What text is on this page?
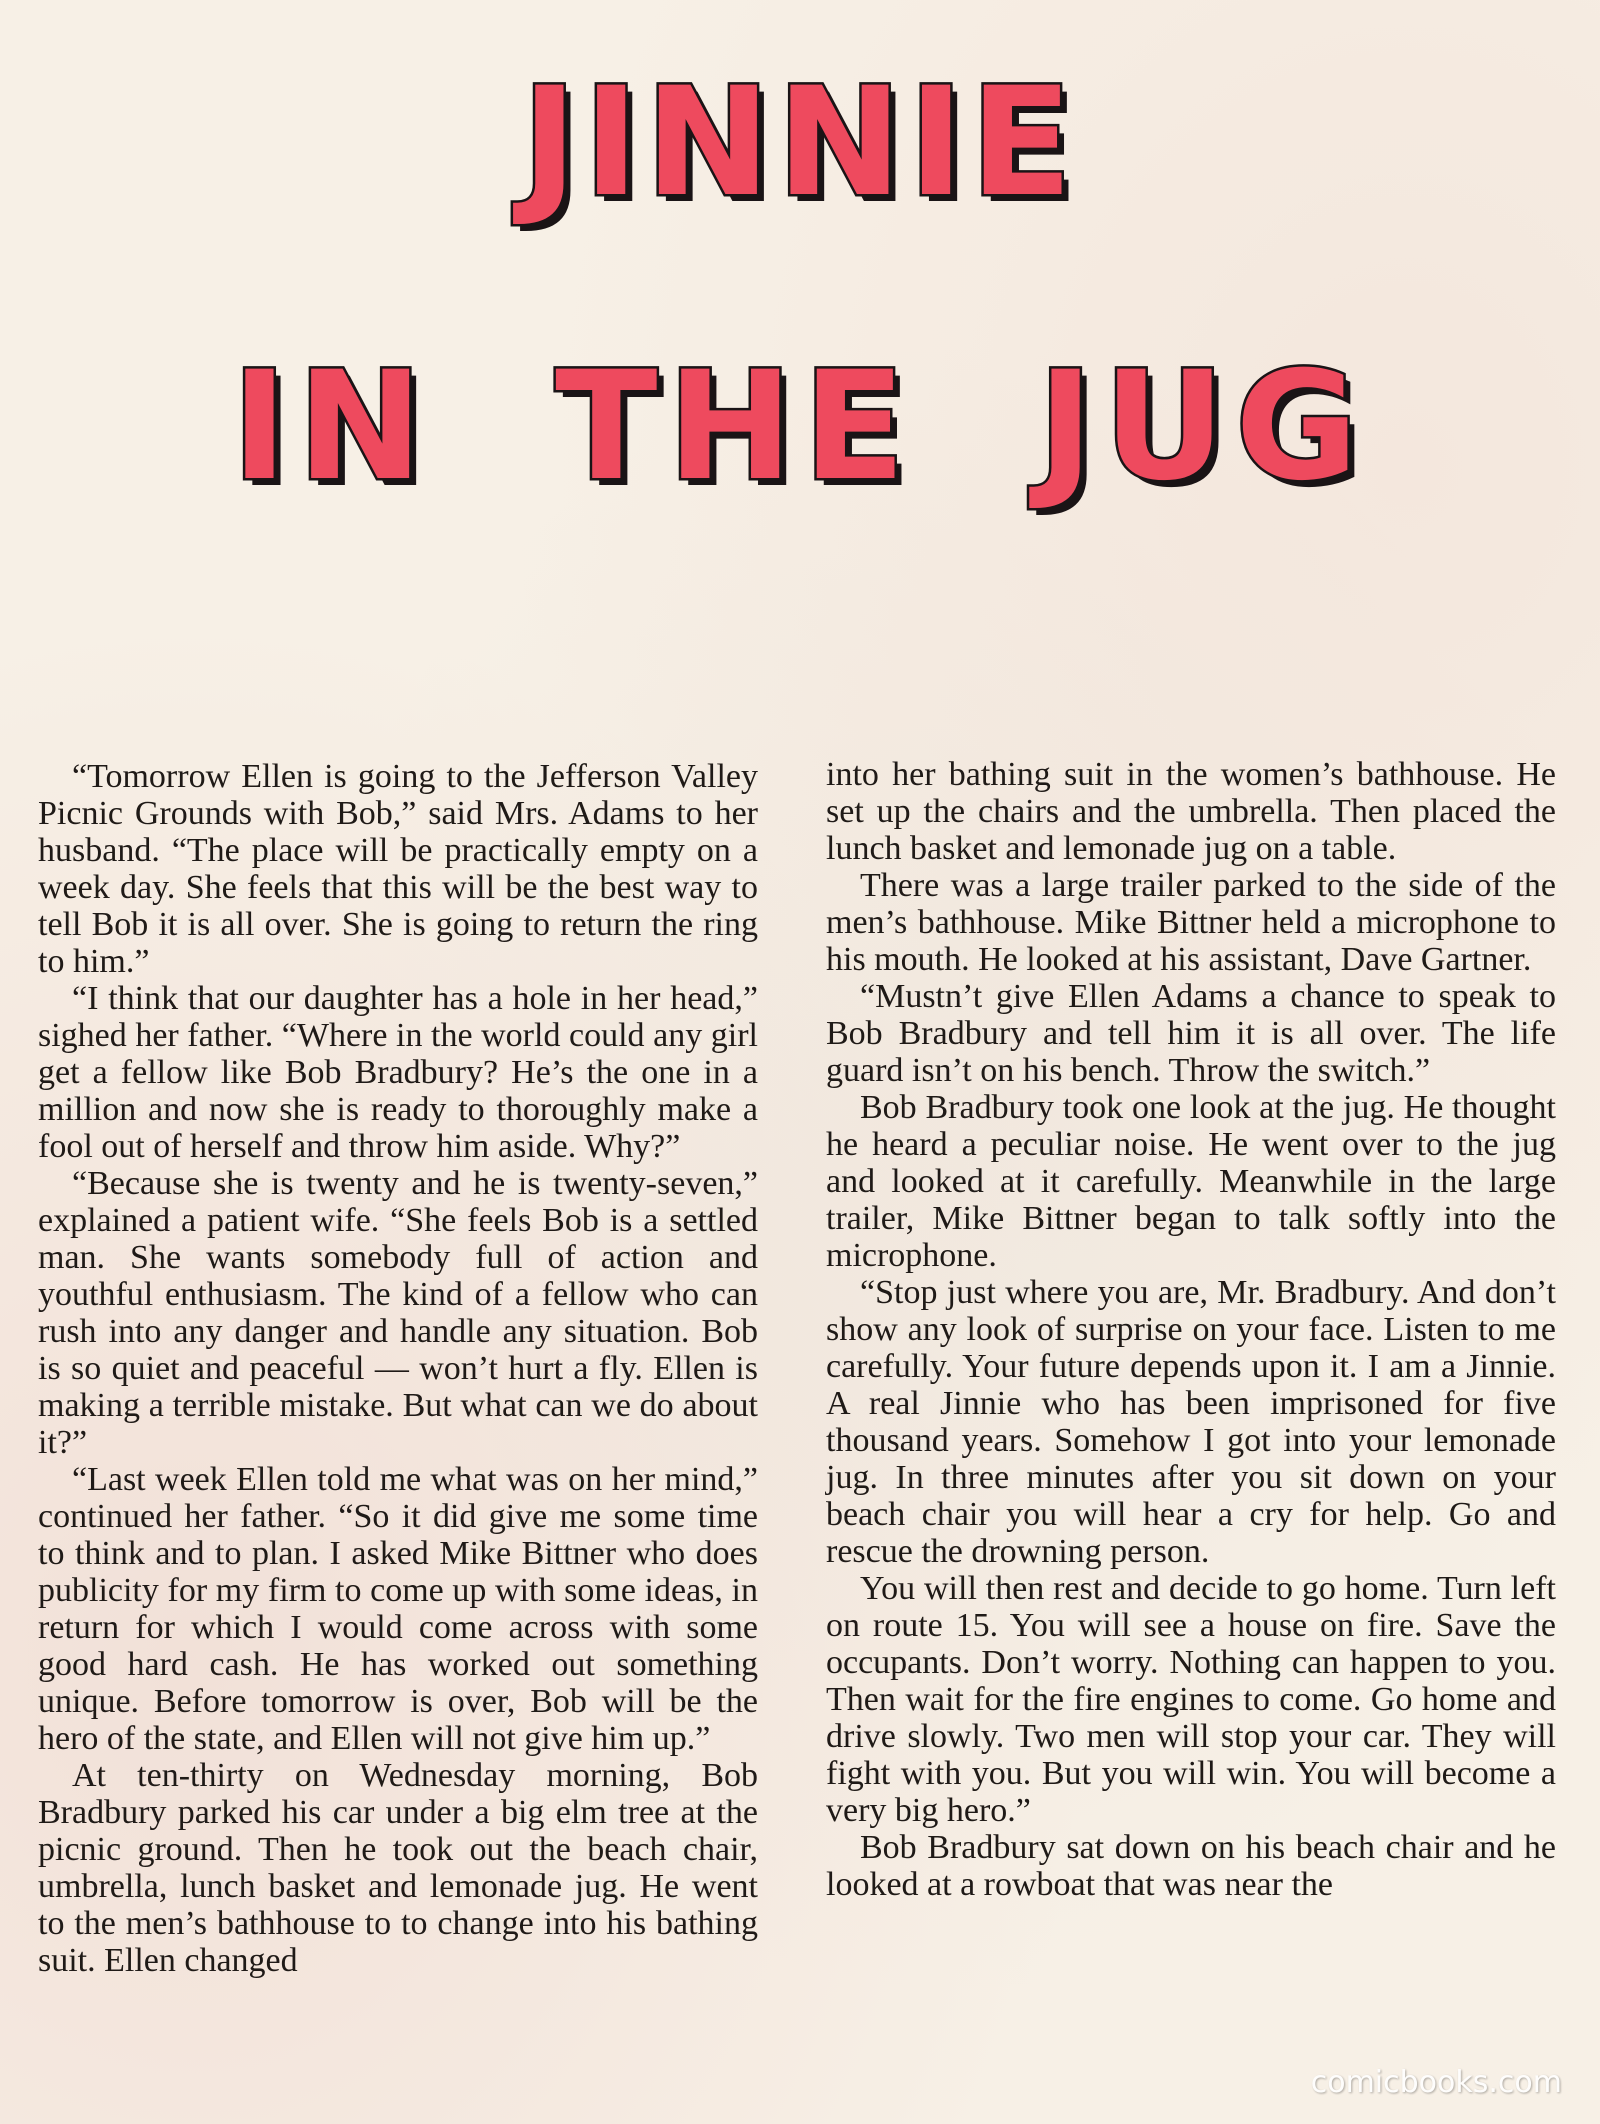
JINNIE
IN THE JUG

“Tomorrow Ellen is going to the Jefferson Valley Picnic Grounds with Bob,” said Mrs. Adams to her husband. “The place will be practically empty on a week day. She feels that this will be the best way to tell Bob it is all over. She is going to return the ring to him.”

“I think that our daughter has a hole in her head,” sighed her father. “Where in the world could any girl get a fellow like Bob Bradbury? He’s the one in a million and now she is ready to thoroughly make a fool out of herself and throw him aside. Why?”

“Because she is twenty and he is twenty-seven,” explained a patient wife. “She feels Bob is a settled man. She wants somebody full of action and youthful enthusiasm. The kind of a fellow who can rush into any danger and handle any situation. Bob is so quiet and peaceful — won’t hurt a fly. Ellen is making a terrible mistake. But what can we do about it?”

“Last week Ellen told me what was on her mind,” continued her father. “So it did give me some time to think and to plan. I asked Mike Bittner who does publicity for my firm to come up with some ideas, in return for which I would come across with some good hard cash. He has worked out something unique. Before tomorrow is over, Bob will be the hero of the state, and Ellen will not give him up.”

At ten-thirty on Wednesday morning, Bob Bradbury parked his car under a big elm tree at the picnic ground. Then he took out the beach chair, umbrella, lunch basket and lemonade jug. He went to the men’s bathhouse to to change into his bathing suit. Ellen changed

into her bathing suit in the women’s bathhouse. He set up the chairs and the umbrella. Then placed the lunch basket and lemonade jug on a table.

There was a large trailer parked to the side of the men’s bathhouse. Mike Bittner held a microphone to his mouth. He looked at his assistant, Dave Gartner.

“Mustn’t give Ellen Adams a chance to speak to Bob Bradbury and tell him it is all over. The life guard isn’t on his bench. Throw the switch.”

Bob Bradbury took one look at the jug. He thought he heard a peculiar noise. He went over to the jug and looked at it carefully. Meanwhile in the large trailer, Mike Bittner began to talk softly into the microphone.

“Stop just where you are, Mr. Bradbury. And don’t show any look of surprise on your face. Listen to me carefully. Your future depends upon it. I am a Jinnie. A real Jinnie who has been imprisoned for five thousand years. Somehow I got into your lemonade jug. In three minutes after you sit down on your beach chair you will hear a cry for help. Go and rescue the drowning person.

You will then rest and decide to go home. Turn left on route 15. You will see a house on fire. Save the occupants. Don’t worry. Nothing can happen to you. Then wait for the fire engines to come. Go home and drive slowly. Two men will stop your car. They will fight with you. But you will win. You will become a very big hero.”

Bob Bradbury sat down on his beach chair and he looked at a rowboat that was near the

comicbooks.com
